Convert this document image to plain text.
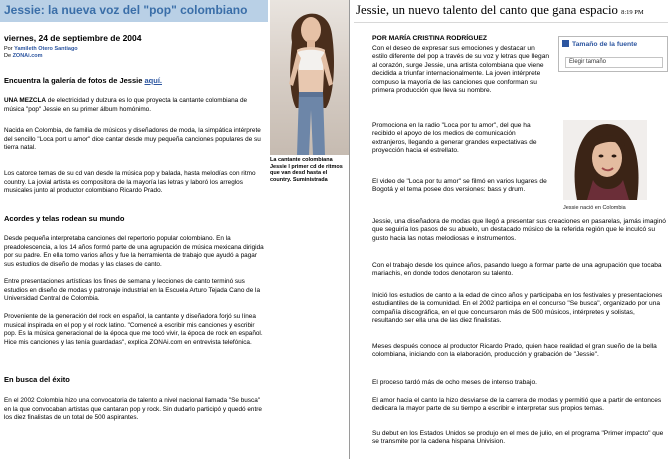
Jessie: la nueva voz del "pop" colombiano
viernes, 24 de septiembre de 2004
Por Yamileth Otero Santiago
De ZONAi.com
Encuentra la galería de fotos de Jessie aquí.
UNA MEZCLA de electricidad y dulzura es lo que proyecta la cantante colombiana de música "pop" Jessie en su primer álbum homónimo.
Nacida en Colombia, de familia de músicos y diseñadores de moda, la simpática intérprete del sencillo "Loca port u amor" dice cantar desde muy pequeña canciones populares de su tierra natal.
Los catorce temas de su cd van desde la música pop y balada, hasta melodías con ritmo country. La jovial artista es compositora de la mayoría las letras y laboró los arreglos musicales junto al productor colombiano Ricardo Prado.
Acordes y telas rodean su mundo
Desde pequeña interpretaba canciones del repertorio popular colombiano. En la preadolescencia, a los 14 años formó parte de una agrupación de música mexicana dirigida por su padre. En ella tomo varios años y fue la herramienta de trabajo que ayudó a pagar sus estudios de diseño de modas y las clases de canto.
Entre presentaciones artísticas los fines de semana y lecciones de canto terminó sus estudios en diseño de modas y patronaje industrial en la Escuela Arturo Tejada Cano de la Universidad Central de Colombia.
Proveniente de la generación del rock en español, la cantante y diseñadora forjó su línea musical inspirada en el pop y el rock latino. "Comencé a escribir mis canciones y escribir pop. Es la música generacional de la época que me tocó vivir, la época de rock en español. Hice mis canciones y las tenía guardadas", explica ZONAi.com en entrevista telefónica.
En busca del éxito
En el 2002 Colombia hizo una convocatoria de talento a nivel nacional llamada "Se busca" en la que convocaban artistas que cantaran pop y rock. Sin dudarlo participó y quedó entre los diez finalistas de un total de 500 aspirantes.
La cantante colombiana Jessie l primer cd de ritmos que van desd hasta el country. Suministrada
Jessie, un nuevo talento del canto que gana espacio 8:19 PM
POR MARÍA CRISTINA RODRÍGUEZ
Tamaño de la fuente
Elegir tamaño
Con el deseo de expresar sus emociones y destacar un estilo diferente del pop a través de su voz y letras que llegan al corazón, surge Jessie, una artista colombiana que viene decidida a triunfar internacionalmente. La joven intérprete compuso la mayoría de las canciones que conforman su primera producción que lleva su nombre.
Promociona en la radio "Loca por tu amor", del que ha recibido el apoyo de los medios de comunicación extranjeros, llegando a generar grandes expectativas de proyección hacia el estrellato.
El video de "Loca por tu amor" se filmó en varios lugares de Bogotá y el tema posee dos versiones: bass y drum.
Jessie, una diseñadora de modas que llegó a presentar sus creaciones en pasarelas, jamás imaginó que seguiría los pasos de su abuelo, un destacado músico de la referida región que le inculcó su gusto hacia las notas melodiosas e instrumentos.
Con el trabajo desde los quince años, pasando luego a formar parte de una agrupación que tocaba mariachis, en donde todos denotaron su talento.
Inició los estudios de canto a la edad de cinco años y participaba en los festivales y presentaciones estudiantiles de la comunidad. En el 2002 participa en el concurso "Se busca", organizado por una compañía discográfica, en el que concursaron más de 500 músicos, intérpretes y solistas, resultando ser ella una de las diez finalistas.
Meses después conoce al productor Ricardo Prado, quien hace realidad el gran sueño de la bella colombiana, iniciando con la elaboración, producción y grabación de "Jessie".
El proceso tardó más de ocho meses de intenso trabajo.
El amor hacia el canto la hizo desviarse de la carrera de modas y permitió que a partir de entonces dedicara la mayor parte de su tiempo a escribir e interpretar sus propios temas.
Su debut en los Estados Unidos se produjo en el mes de julio, en el programa "Primer impacto" que se transmite por la cadena hispana Univision.
Jessie nació en Colombia
